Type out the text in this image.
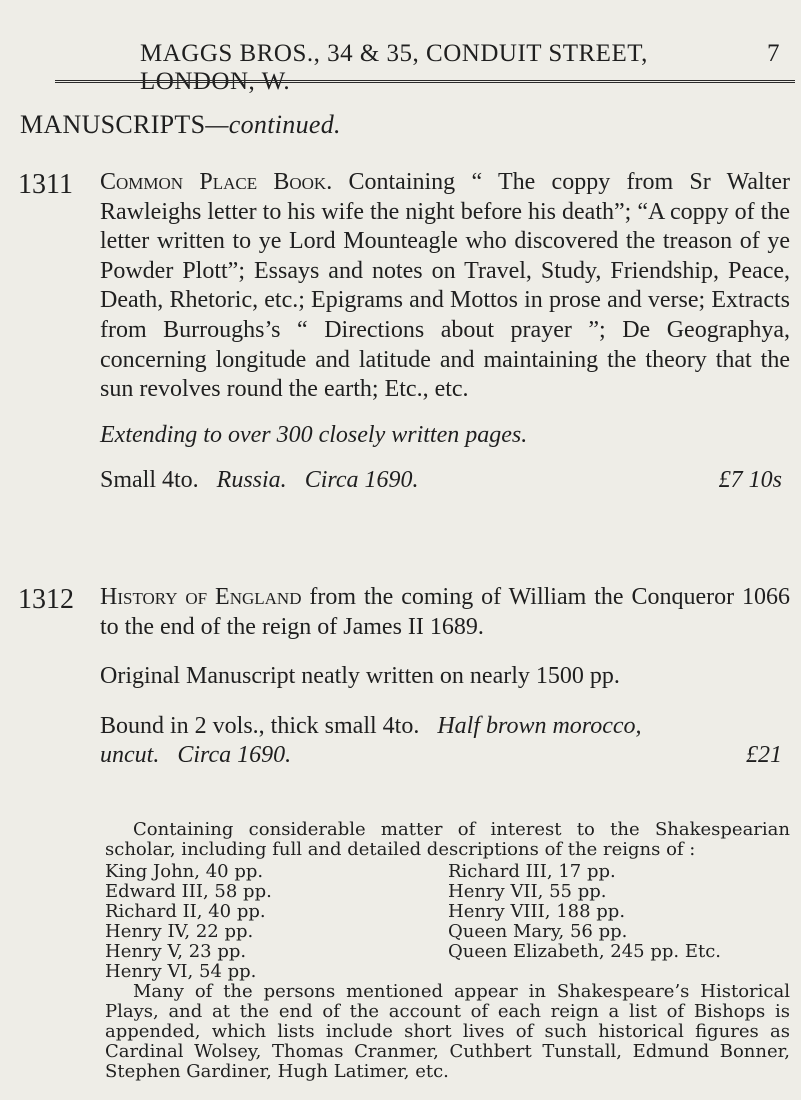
MAGGS BROS., 34 & 35, CONDUIT STREET, LONDON, W.
7
MANUSCRIPTS—continued.
1311 Common Place Book. Containing “ The coppy from Sr Walter Rawleighs letter to his wife the night before his death”; “A coppy of the letter written to ye Lord Mounteagle who discovered the treason of ye Powder Plott”; Essays and notes on Travel, Study, Friendship, Peace, Death, Rhetoric, etc.; Epigrams and Mottos in prose and verse; Extracts from Burroughs’s “ Directions about prayer ”; De Geographya, concerning longitude and latitude and maintaining the theory that the sun revolves round the earth; Etc., etc.

Extending to over 300 closely written pages.

Small 4to. Russia. Circa 1690.	£7 10s

1312 History of England from the coming of William the Conqueror 1066 to the end of the reign of James II 1689.

Original Manuscript neatly written on nearly 1500 pp.

Bound in 2 vols., thick small 4to. Half brown morocco,

uncut. Circa 1690.	£21

Containing considerable matter of interest to the Shakespearian scholar, including full and detailed descriptions of the reigns of :

King John, 40 pp.	Richard III, 17 pp.
Edward III, 58 pp.	Henry VII, 55 pp.
Richard II, 40 pp.	Henry VIII, 188 pp.
Henry IV, 22 pp.	Queen Mary, 56 pp.
Henry V, 23 pp.	Queen Elizabeth, 245 pp. Etc.
Henry VI, 54 pp.

Many of the persons mentioned appear in Shakespeare’s Historical Plays, and at the end of the account of each reign a list of Bishops is appended, which lists include short lives of such historical figures as Cardinal Wolsey, Thomas Cranmer, Cuthbert Tunstall, Edmund Bonner, Stephen Gardiner, Hugh Latimer, etc.
